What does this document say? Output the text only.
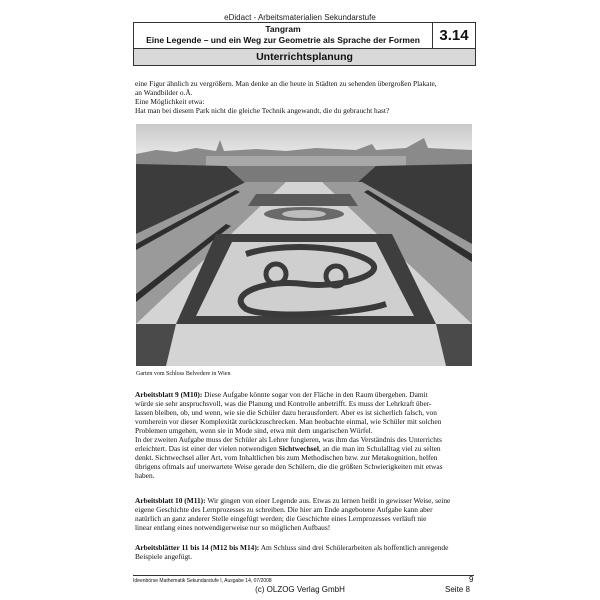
eDidact - Arbeitsmaterialien Sekundarstufe
Tangram
Eine Legende – und ein Weg zur Geometrie als Sprache der Formen	3.14
Unterrichtsplanung

eine Figur ähnlich zu vergrößern. Man denke an die heute in Städten zu sehenden übergroßen Plakate,

an Wandbilder o.Ä.

Eine Möglichkeit etwa:

Hat man bei diesem Park nicht die gleiche Technik angewandt, die du gebraucht hast?

Garten vom Schloss Belvedere in Wien

Arbeitsblatt 9 (M10): Diese Aufgabe könnte sogar von der Fläche in den Raum übergehen. Damit

würde sie sehr anspruchsvoll, was die Planung und Kontrolle anbetrifft. Es muss der Lehrkraft über-

lassen bleiben, ob, und wenn, wie sie die Schüler dazu herausfordert. Aber es ist sicherlich falsch, von

vornherein vor dieser Komplexität zurückzuschrecken. Man beobachte einmal, wie Schüler mit solchen

Problemen umgehen, wenn sie in Mode sind, etwa mit dem ungarischen Würfel.

In der zweiten Aufgabe muss der Schüler als Lehrer fungieren, was ihm das Verständnis des Unterrichts

erleichtert. Das ist einer der vielen notwendigen Sichtwechsel, an die man im Schulalltag viel zu selten

denkt. Sichtwechsel aller Art, vom Inhaltlichen bis zum Methodischen bzw. zur Metakognition, helfen

übrigens oftmals auf unerwartete Weise gerade den Schülern, die die größten Schwierigkeiten mit etwas

haben.

Arbeitsblatt 10 (M11): Wir gingen von einer Legende aus. Etwas zu lernen heißt in gewisser Weise, seine

eigene Geschichte des Lernprozesses zu schreiben. Die hier am Ende angebotene Aufgabe kann aber

natürlich an ganz anderer Stelle eingefügt werden; die Geschichte eines Lernprozesses verläuft nie

linear entlang eines notwendigerweise nur so möglichen Aufbaus!

Arbeitsblätter 11 bis 14 (M12 bis M14): Am Schluss sind drei Schülerarbeiten als hoffentlich anregende

Beispiele angefügt.

Ideenbörse Mathematik Sekundarstufe I, Ausgabe 14, 07/2008	9
(c) OLZOG Verlag GmbH	Seite 8
